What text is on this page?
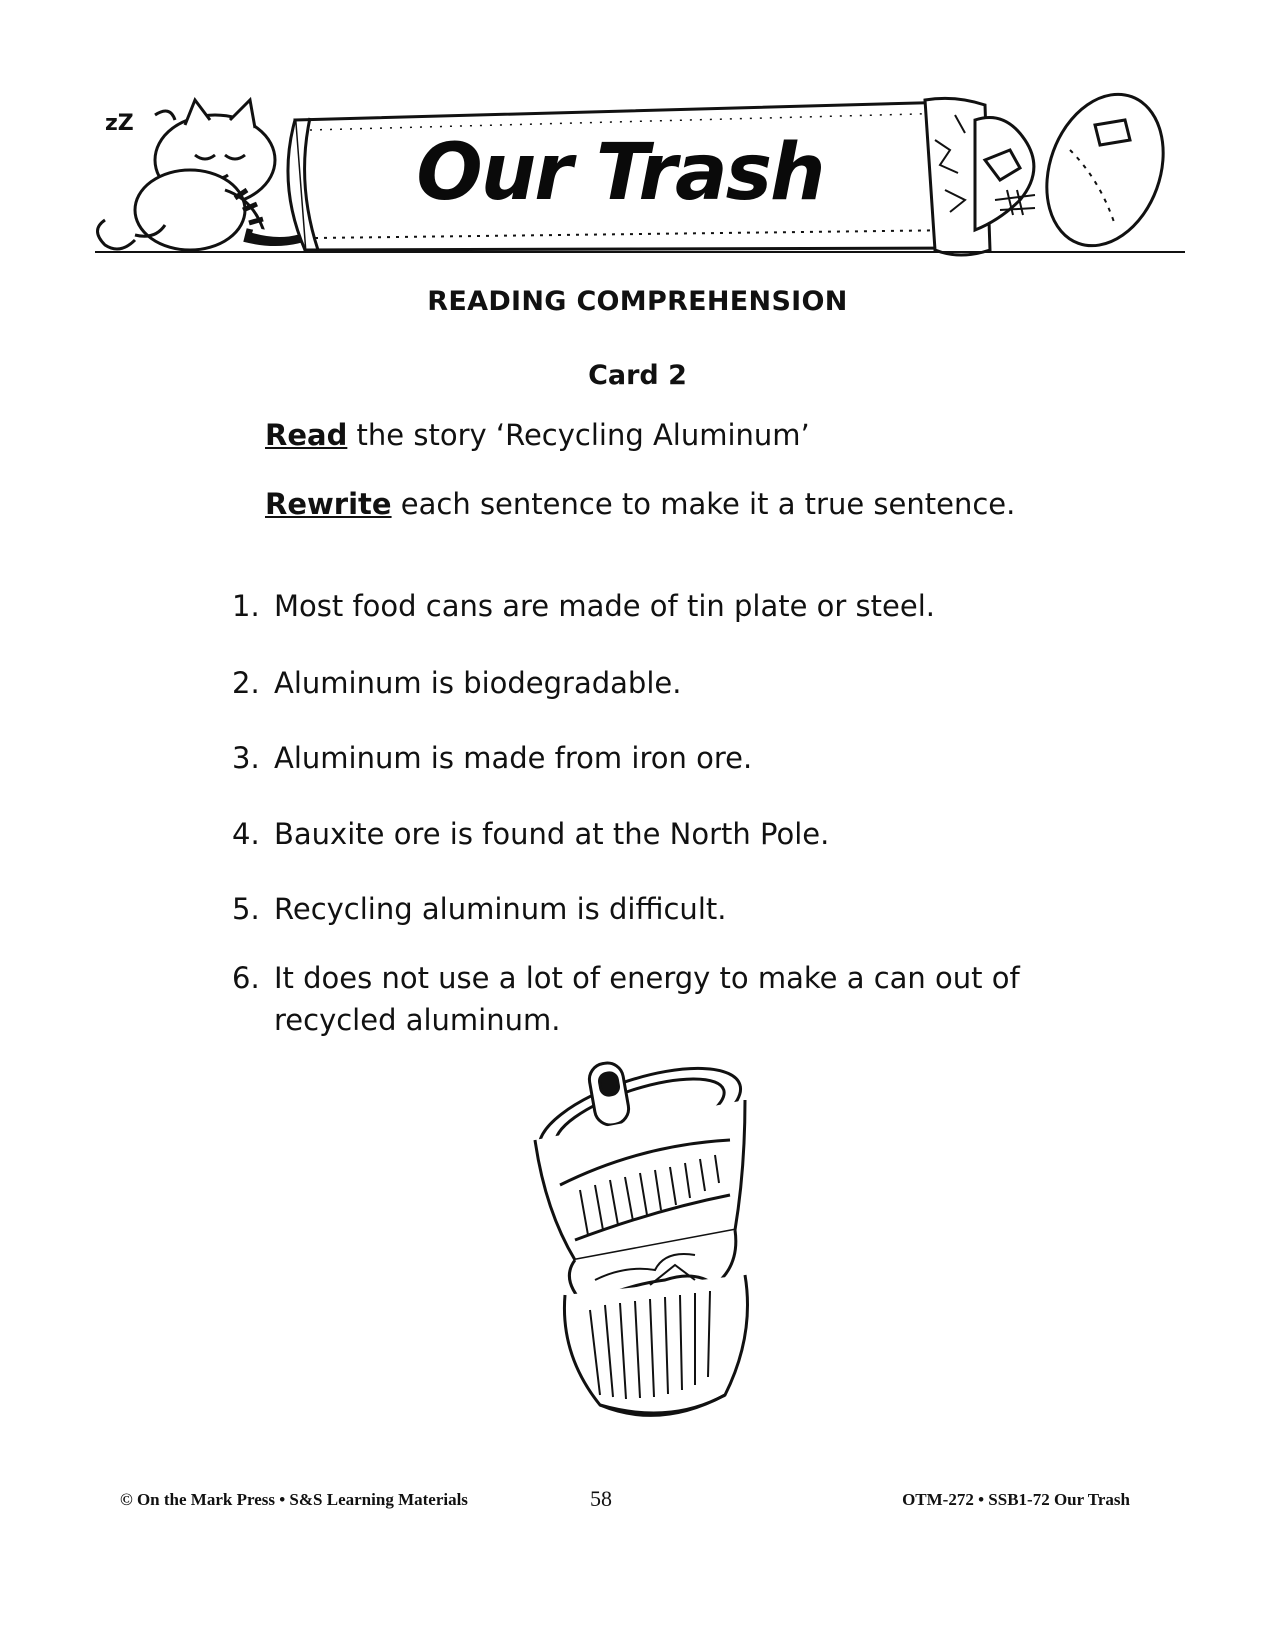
zZ
Our Trash
READING COMPREHENSION
Card 2
Read the story ‘Recycling Aluminum’
Rewrite each sentence to make it a true sentence.
1. Most food cans are made of tin plate or steel.
2. Aluminum is biodegradable.
3. Aluminum is made from iron ore.
4. Bauxite ore is found at the North Pole.
5. Recycling aluminum is difficult.
6. It does not use a lot of energy to make a can out of recycled aluminum.
© On the Mark Press • S&S Learning Materials	58	OTM-272 • SSB1-72 Our Trash
